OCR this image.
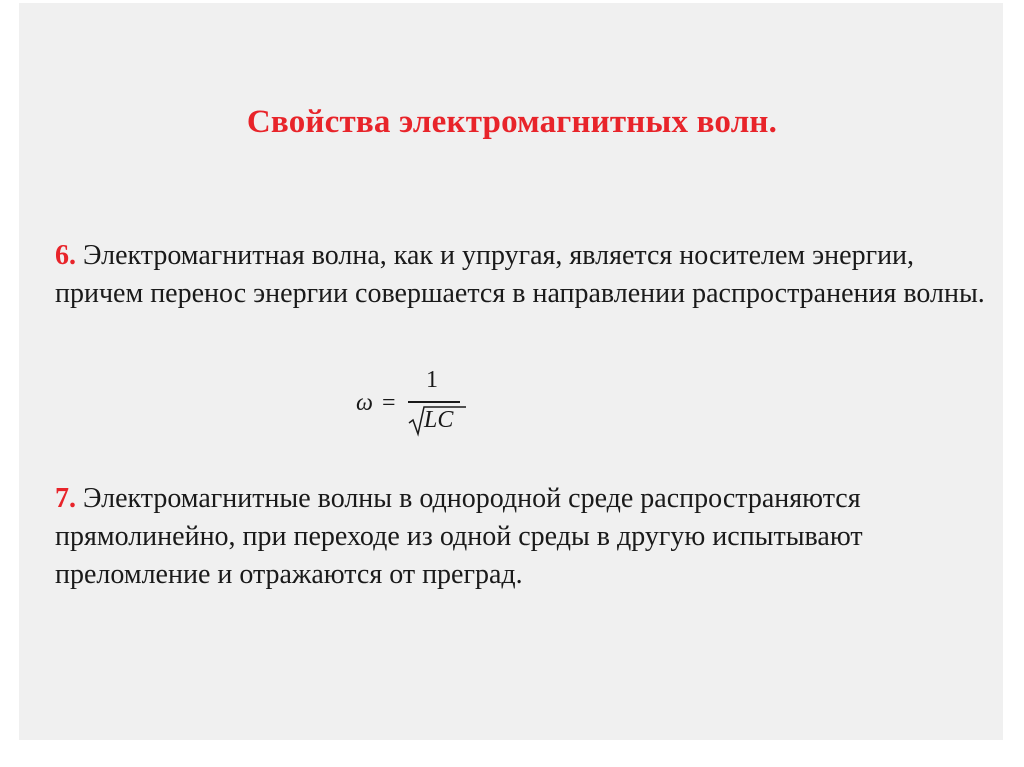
Свойства электромагнитных волн.
6. Электромагнитная волна, как и упругая, является носителем энергии, причем перенос энергии совершается в направлении распространения волны.
ω =
1
LC
7. Электромагнитные волны в однородной среде распространяются прямолинейно, при переходе из одной среды в другую испытывают преломление и отражаются от преград.
